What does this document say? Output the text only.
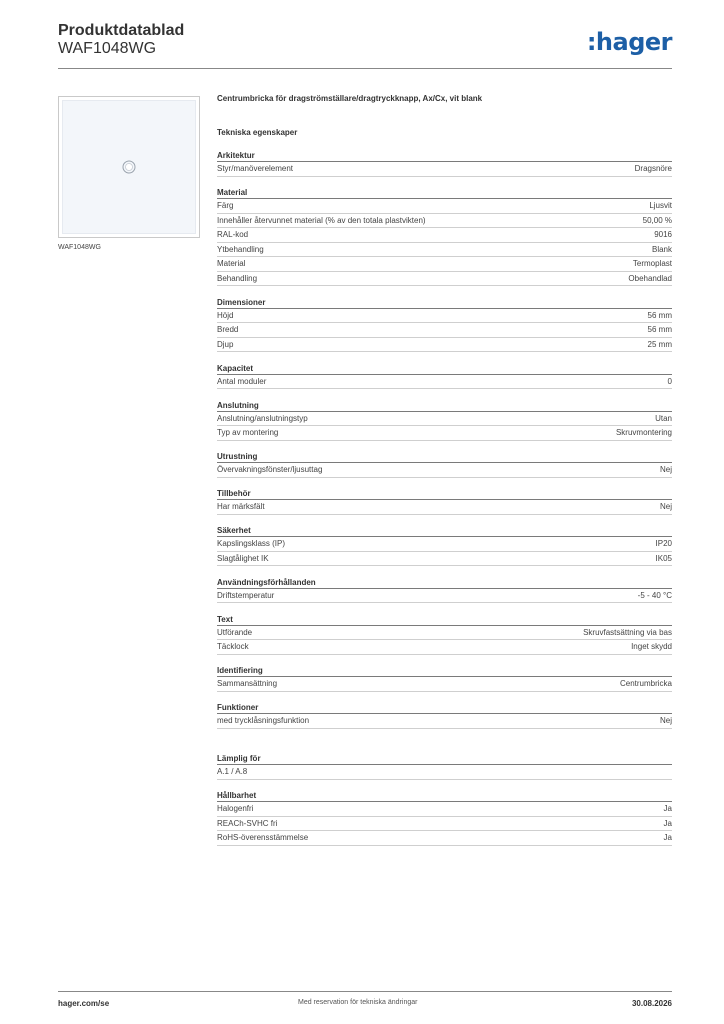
Produktdatablad
WAF1048WG	:hager
WAF1048WG
Centrumbricka för dragströmställare/dragtryckknapp, Ax/Cx, vit blank
Tekniska egenskaper
Arkitektur
Styr/manöverelement	Dragsnöre
Material
Färg	Ljusvit
Innehåller återvunnet material (% av den totala plastvikten)	50,00 %
RAL-kod	9016
Ytbehandling	Blank
Material	Termoplast
Behandling	Obehandlad
Dimensioner
Höjd	56 mm
Bredd	56 mm
Djup	25 mm
Kapacitet
Antal moduler	0
Anslutning
Anslutning/anslutningstyp	Utan
Typ av montering	Skruvmontering
Utrustning
Övervakningsfönster/ljusuttag	Nej
Tillbehör
Har märksfält	Nej
Säkerhet
Kapslingsklass (IP)	IP20
Slagtålighet IK	IK05
Användningsförhållanden
Driftstemperatur	-5 - 40 °C
Text
Utförande	Skruvfastsättning via bas
Täcklock	Inget skydd
Identifiering
Sammansättning	Centrumbricka
Funktioner
med trycklåsningsfunktion	Nej
Lämplig för
A.1 / A.8
Hållbarhet
Halogenfri	Ja
REACh-SVHC fri	Ja
RoHS-överensstämmelse	Ja
hager.com/se	Med reservation för tekniska ändringar	30.08.2026
